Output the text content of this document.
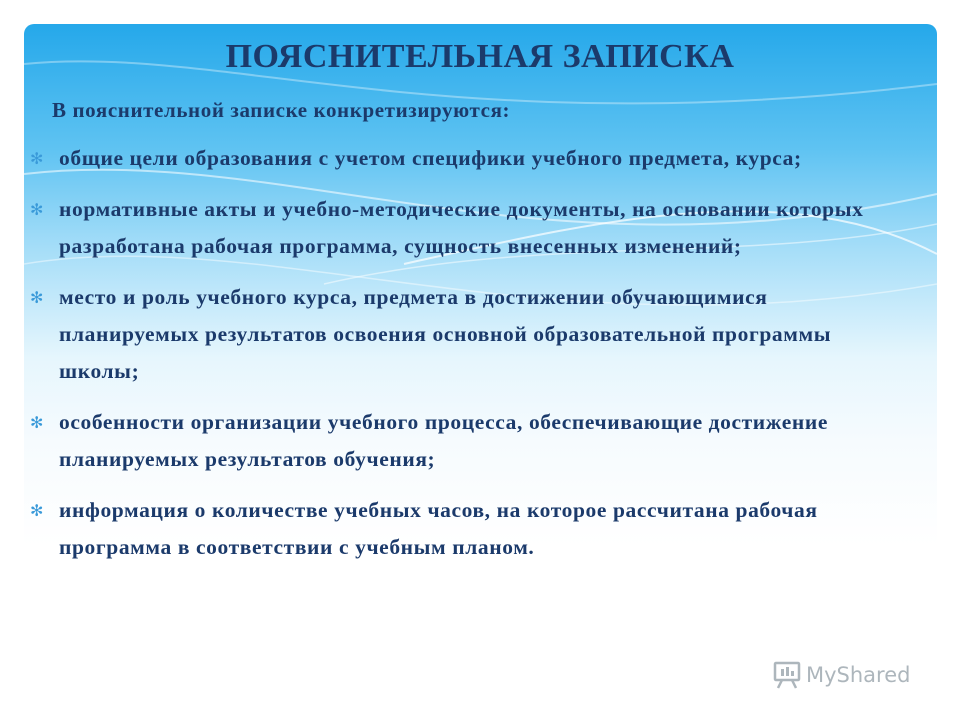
ПОЯСНИТЕЛЬНАЯ ЗАПИСКА
В пояснительной записке конкретизируются:
✻ общие цели образования с учетом специфики учебного предмета, курса;
✻ нормативные акты и учебно-методические документы, на основании которых разработана рабочая программа, сущность внесенных изменений;
✻ место и роль учебного курса, предмета в достижении обучающимися планируемых результатов освоения основной образовательной программы школы;
✻ особенности организации учебного процесса, обеспечивающие достижение планируемых результатов обучения;
✻ информация о количестве учебных часов, на которое рассчитана рабочая программа в соответствии с учебным планом.
MyShared
